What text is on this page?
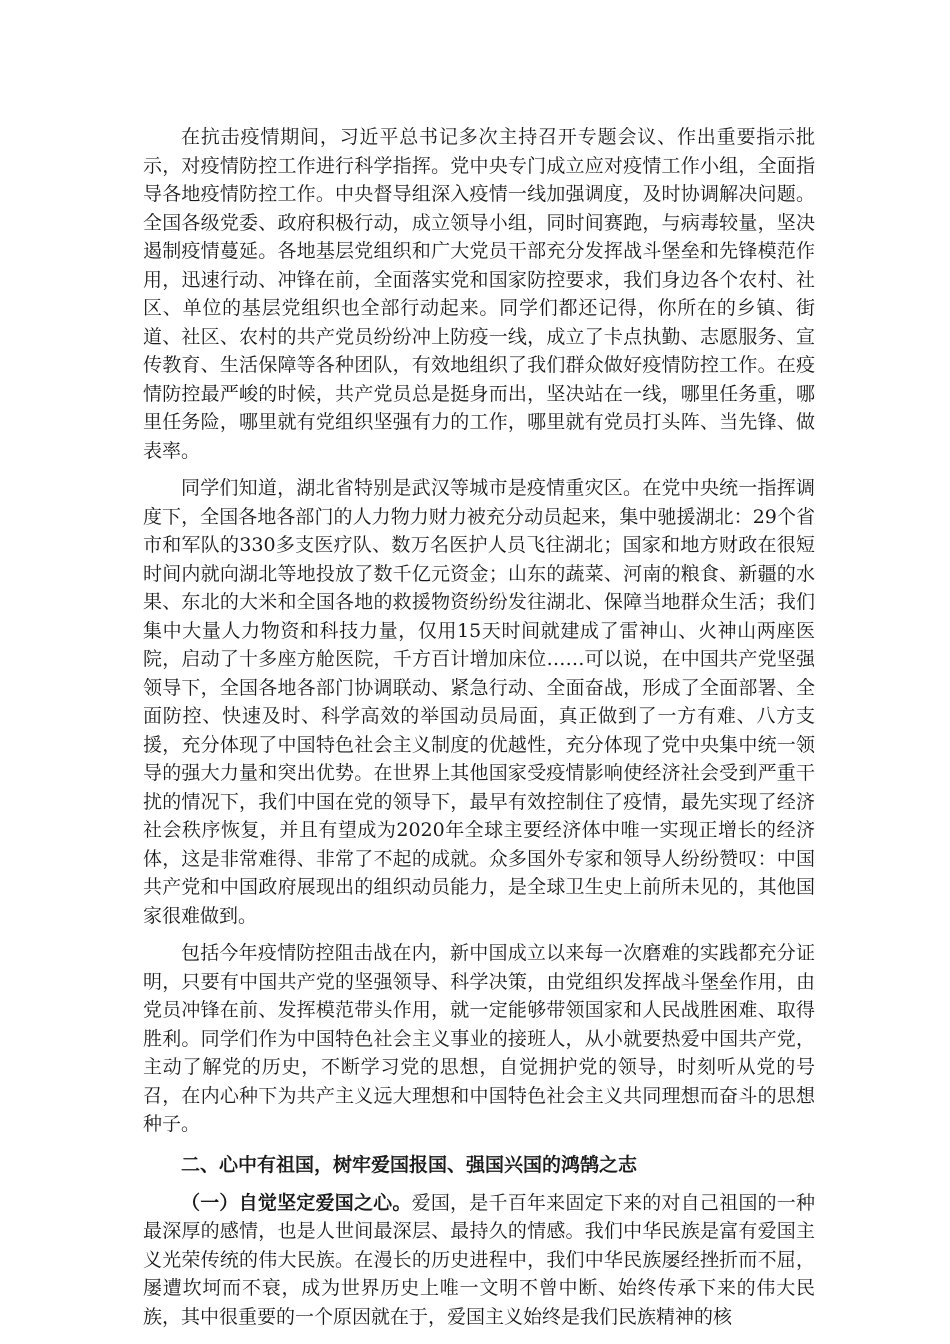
在抗击疫情期间，习近平总书记多次主持召开专题会议、作出重要指示批示，对疫情防控工作进行科学指挥。党中央专门成立应对疫情工作小组，全面指导各地疫情防控工作。中央督导组深入疫情一线加强调度，及时协调解决问题。全国各级党委、政府积极行动，成立领导小组，同时间赛跑，与病毒较量，坚决遏制疫情蔓延。各地基层党组织和广大党员干部充分发挥战斗堡垒和先锋模范作用，迅速行动、冲锋在前，全面落实党和国家防控要求，我们身边各个农村、社区、单位的基层党组织也全部行动起来。同学们都还记得，你所在的乡镇、街道、社区、农村的共产党员纷纷冲上防疫一线，成立了卡点执勤、志愿服务、宣传教育、生活保障等各种团队，有效地组织了我们群众做好疫情防控工作。在疫情防控最严峻的时候，共产党员总是挺身而出，坚决站在一线，哪里任务重，哪里任务险，哪里就有党组织坚强有力的工作，哪里就有党员打头阵、当先锋、做表率。

同学们知道，湖北省特别是武汉等城市是疫情重灾区。在党中央统一指挥调度下，全国各地各部门的人力物力财力被充分动员起来，集中驰援湖北：29个省市和军队的330多支医疗队、数万名医护人员飞往湖北；国家和地方财政在很短时间内就向湖北等地投放了数千亿元资金；山东的蔬菜、河南的粮食、新疆的水果、东北的大米和全国各地的救援物资纷纷发往湖北、保障当地群众生活；我们集中大量人力物资和科技力量，仅用15天时间就建成了雷神山、火神山两座医院，启动了十多座方舱医院，千方百计增加床位……可以说，在中国共产党坚强领导下，全国各地各部门协调联动、紧急行动、全面奋战，形成了全面部署、全面防控、快速及时、科学高效的举国动员局面，真正做到了一方有难、八方支援，充分体现了中国特色社会主义制度的优越性，充分体现了党中央集中统一领导的强大力量和突出优势。在世界上其他国家受疫情影响使经济社会受到严重干扰的情况下，我们中国在党的领导下，最早有效控制住了疫情，最先实现了经济社会秩序恢复，并且有望成为2020年全球主要经济体中唯一实现正增长的经济体，这是非常难得、非常了不起的成就。众多国外专家和领导人纷纷赞叹：中国共产党和中国政府展现出的组织动员能力，是全球卫生史上前所未见的，其他国家很难做到。

包括今年疫情防控阻击战在内，新中国成立以来每一次磨难的实践都充分证明，只要有中国共产党的坚强领导、科学决策，由党组织发挥战斗堡垒作用，由党员冲锋在前、发挥模范带头作用，就一定能够带领国家和人民战胜困难、取得胜利。同学们作为中国特色社会主义事业的接班人，从小就要热爱中国共产党，主动了解党的历史，不断学习党的思想，自觉拥护党的领导，时刻听从党的号召，在内心种下为共产主义远大理想和中国特色社会主义共同理想而奋斗的思想种子。

二、心中有祖国，树牢爱国报国、强国兴国的鸿鹄之志

（一）自觉坚定爱国之心。爱国，是千百年来固定下来的对自己祖国的一种最深厚的感情，也是人世间最深层、最持久的情感。我们中华民族是富有爱国主义光荣传统的伟大民族。在漫长的历史进程中，我们中华民族屡经挫折而不屈，屡遭坎坷而不衰，成为世界历史上唯一文明不曾中断、始终传承下来的伟大民族，其中很重要的一个原因就在于，爱国主义始终是我们民族精神的核
